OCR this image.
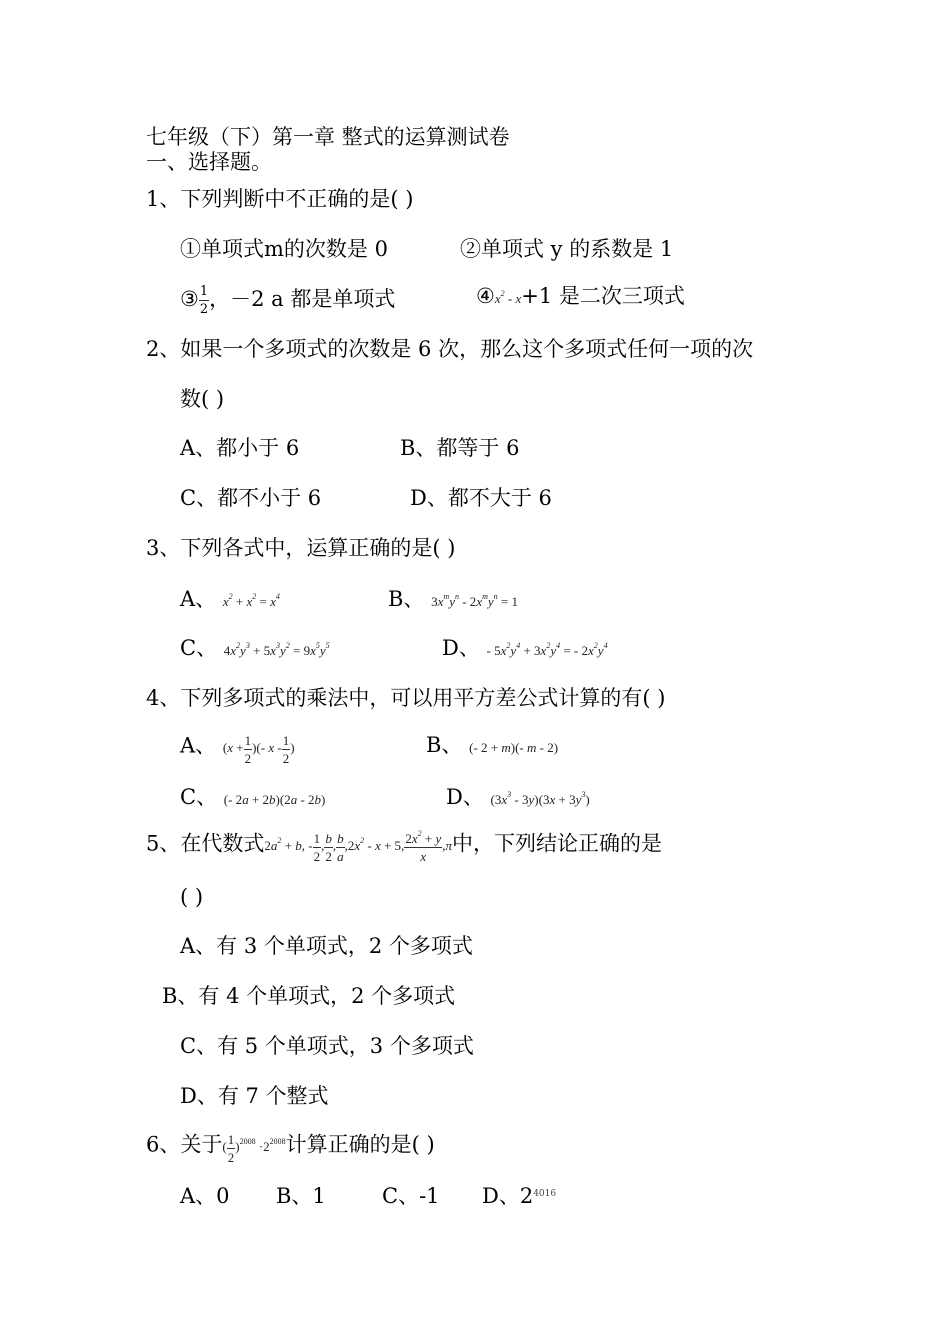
七年级（下）第一章 整式的运算测试卷
一、选择题。
1、下列判断中不正确的是( )
①单项式m的次数是 0	②单项式 y 的系数是 1
③ $\frac{1}{2}$ ，－2 a 都是单项式	$④x^2 - x+1$ 是二次三项式
2、如果一个多项式的次数是 6 次，那么这个多项式任何一项的次
数( )
A、都小于 6	B、都等于 6
C、都不小于 6	D、都不大于 6
3、下列各式中，运算正确的是( )
A、 $x^2 + x^2 = x^4$	B、 $3x^my^n - 2x^my^n = 1$
C、 $4x^2y^3 + 5x^3y^2 = 9x^5y^5$	D、 - $5x^2y^4 + 3x^2y^4$ = - $2x^2y^4$
4、下列多项式的乘法中，可以用平方差公式计算的有( )
A、 ($x + \frac{1}{2}$ )(- x - $\frac{1}{2}$ )	B、 (- 2 + m)(- m - 2)
C、 (- 2a + 2b)(2a - 2b)	D、 $(3x^3 - 3y)(3x + 3y^3)$
5、在代数式$2a^2 + b$, - $\frac{1}{2}$ , $\frac{b}{2}$ , $\frac{b}{a} ,2x^2 - x + 5$, $\frac{2x^2 + y}{x} ,\pi$中，下列结论正确的是
( )
A、有 3 个单项式，2 个多项式
B、有 4 个单项式，2 个多项式
C、有 5 个单项式，3 个多项式
D、有 7 个整式
6、关于( $\frac{1}{2} )^{2008} \cdot 2^{2008}$计算正确的是( )
A、0 B、1	C、-1 D、$2^{4016}$
